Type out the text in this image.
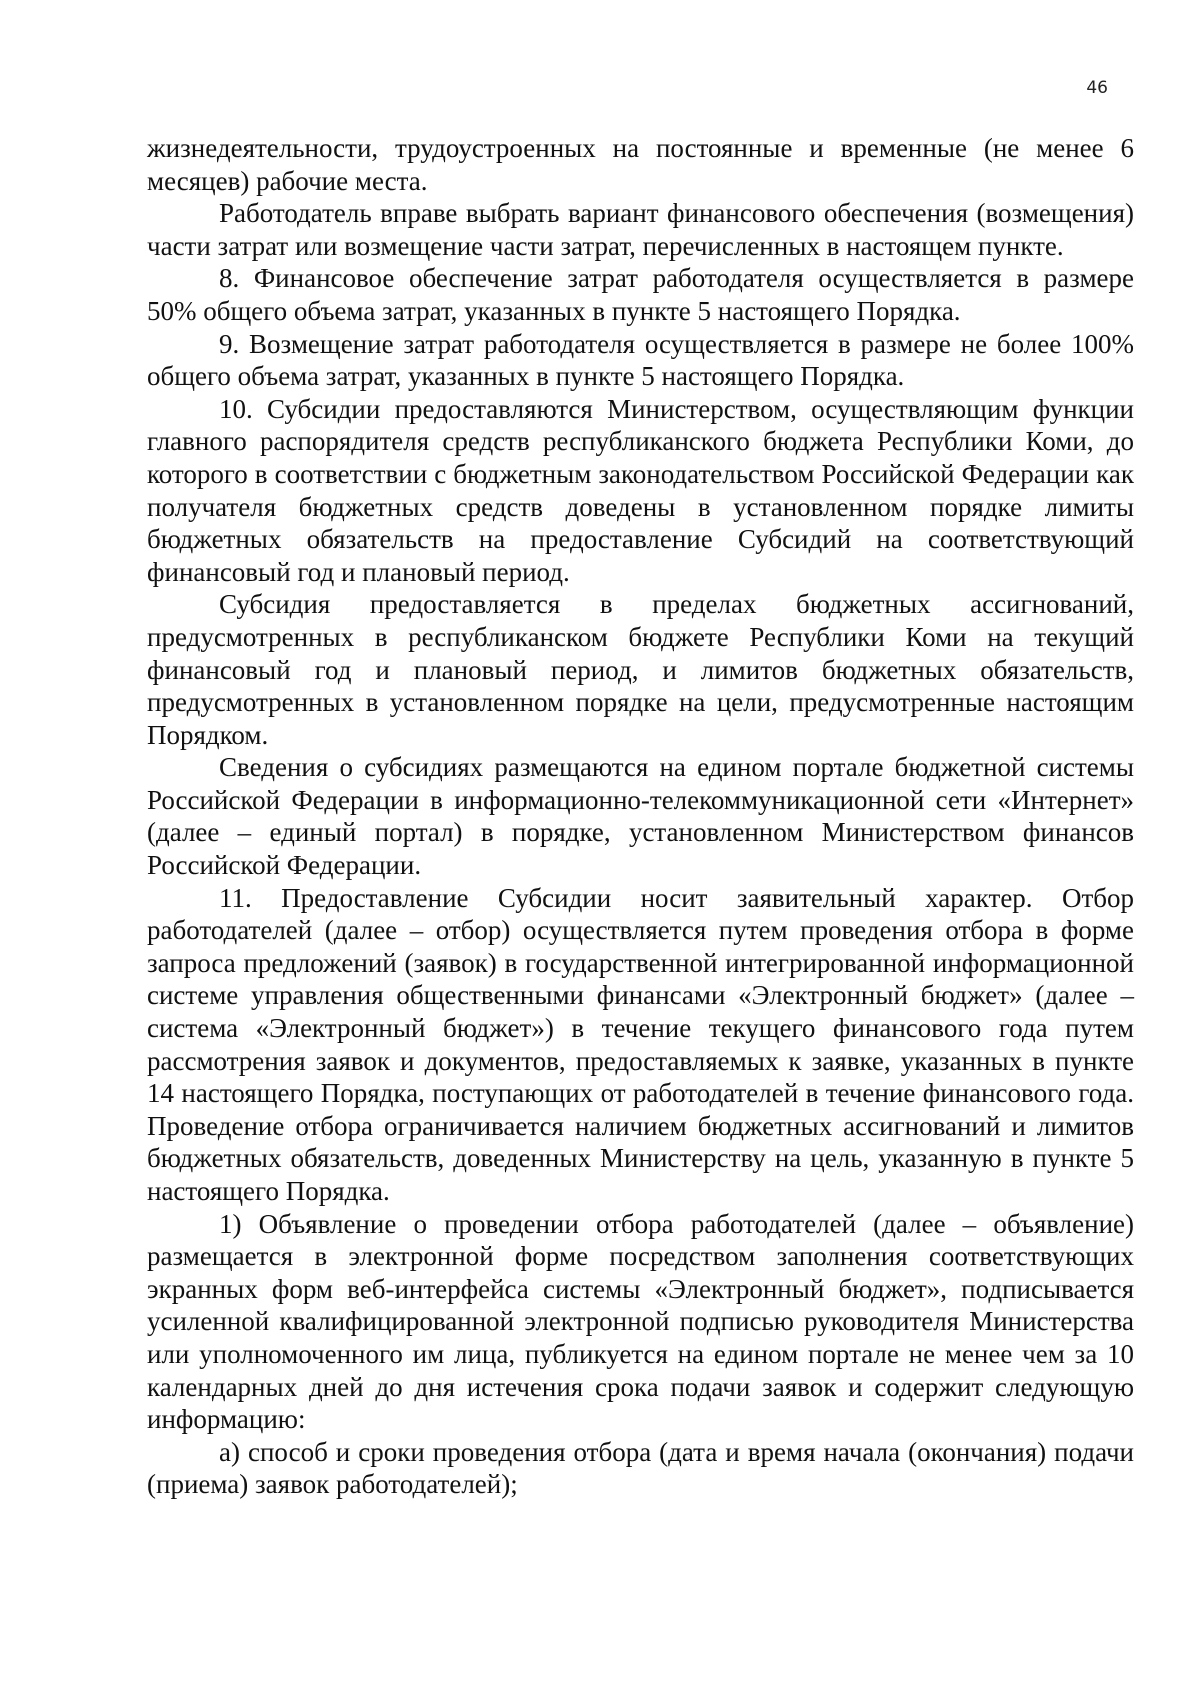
46

жизнедеятельности, трудоустроенных на постоянные и временные (не менее 6 месяцев) рабочие места.

Работодатель вправе выбрать вариант финансового обеспечения (возмещения) части затрат или возмещение части затрат, перечисленных в настоящем пункте.

8. Финансовое обеспечение затрат работодателя осуществляется в размере 50% общего объема затрат, указанных в пункте 5 настоящего Порядка.

9. Возмещение затрат работодателя осуществляется в размере не более 100% общего объема затрат, указанных в пункте 5 настоящего Порядка.

10. Субсидии предоставляются Министерством, осуществляющим функции главного распорядителя средств республиканского бюджета Республики Коми, до которого в соответствии с бюджетным законодательством Российской Федерации как получателя бюджетных средств доведены в установленном порядке лимиты бюджетных обязательств на предоставление Субсидий на соответствующий финансовый год и плановый период.

Субсидия предоставляется в пределах бюджетных ассигнований, предусмотренных в республиканском бюджете Республики Коми на текущий финансовый год и плановый период, и лимитов бюджетных обязательств, предусмотренных в установленном порядке на цели, предусмотренные настоящим Порядком.

Сведения о субсидиях размещаются на едином портале бюджетной системы Российской Федерации в информационно-телекоммуникационной сети «Интернет» (далее – единый портал) в порядке, установленном Министерством финансов Российской Федерации.

11. Предоставление Субсидии носит заявительный характер. Отбор работодателей (далее – отбор) осуществляется путем проведения отбора в форме запроса предложений (заявок) в государственной интегрированной информационной системе управления общественными финансами «Электронный бюджет» (далее – система «Электронный бюджет») в течение текущего финансового года путем рассмотрения заявок и документов, предоставляемых к заявке, указанных в пункте 14 настоящего Порядка, поступающих от работодателей в течение финансового года. Проведение отбора ограничивается наличием бюджетных ассигнований и лимитов бюджетных обязательств, доведенных Министерству на цель, указанную в пункте 5 настоящего Порядка.

1) Объявление о проведении отбора работодателей (далее – объявление) размещается в электронной форме посредством заполнения соответствующих экранных форм веб-интерфейса системы «Электронный бюджет», подписывается усиленной квалифицированной электронной подписью руководителя Министерства или уполномоченного им лица, публикуется на едином портале не менее чем за 10 календарных дней до дня истечения срока подачи заявок и содержит следующую информацию:

а) способ и сроки проведения отбора (дата и время начала (окончания) подачи (приема) заявок работодателей);
